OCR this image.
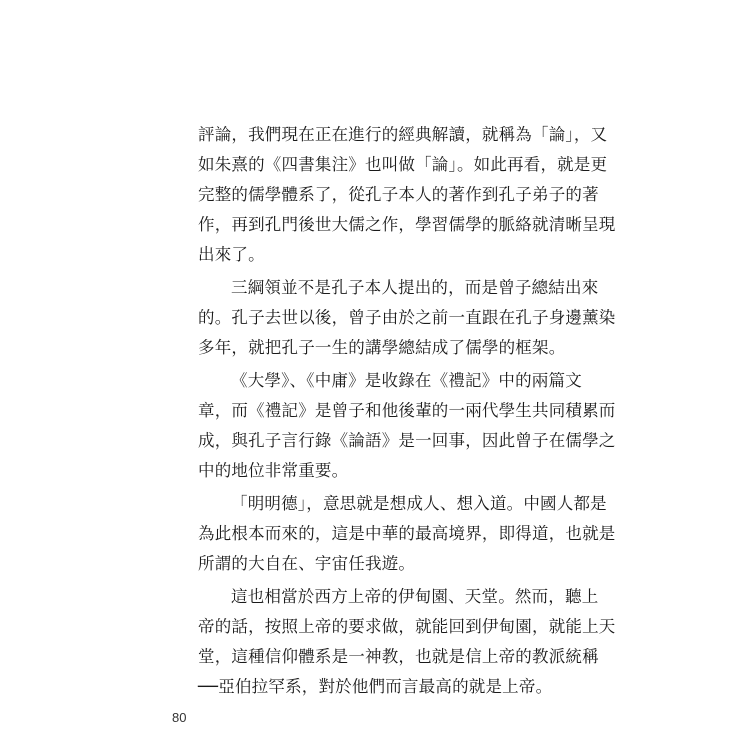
評論，我們現在正在進行的經典解讀，就稱為「論」，又
如朱熹的《四書集注》也叫做「論」。如此再看，就是更
完整的儒學體系了，從孔子本人的著作到孔子弟子的著
作，再到孔門後世大儒之作，學習儒學的脈絡就清晰呈現
出來了。
三綱領並不是孔子本人提出的，而是曾子總結出來
的。孔子去世以後，曾子由於之前一直跟在孔子身邊薰染
多年，就把孔子一生的講學總結成了儒學的框架。
《大學》、《中庸》是收錄在《禮記》中的兩篇文
章，而《禮記》是曾子和他後輩的一兩代學生共同積累而
成，與孔子言行錄《論語》是一回事，因此曾子在儒學之
中的地位非常重要。
「明明德」，意思就是想成人、想入道。中國人都是
為此根本而來的，這是中華的最高境界，即得道，也就是
所謂的大自在、宇宙任我遊。
這也相當於西方上帝的伊甸園、天堂。然而，聽上
帝的話，按照上帝的要求做，就能回到伊甸園，就能上天
堂，這種信仰體系是一神教，也就是信上帝的教派統稱
──亞伯拉罕系，對於他們而言最高的就是上帝。
80
